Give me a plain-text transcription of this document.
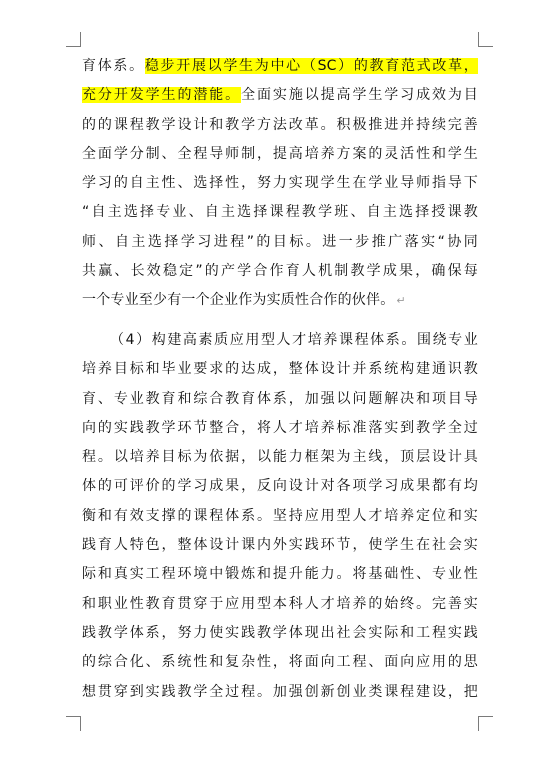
育体系。稳步开展以学生为中心（SC）的教育范式改革，
充分开发学生的潜能。全面实施以提高学生学习成效为目
的的课程教学设计和教学方法改革。积极推进并持续完善
全面学分制、全程导师制，提高培养方案的灵活性和学生
学习的自主性、选择性，努力实现学生在学业导师指导下
“自主选择专业、自主选择课程教学班、自主选择授课教
师、自主选择学习进程”的目标。进一步推广落实“协同
共赢、长效稳定”的产学合作育人机制教学成果，确保每
一个专业至少有一个企业作为实质性合作的伙伴。 ↵
（4）构建高素质应用型人才培养课程体系。围绕专业
培养目标和毕业要求的达成，整体设计并系统构建通识教
育、专业教育和综合教育体系，加强以问题解决和项目导
向的实践教学环节整合，将人才培养标准落实到教学全过
程。以培养目标为依据，以能力框架为主线，顶层设计具
体的可评价的学习成果，反向设计对各项学习成果都有均
衡和有效支撑的课程体系。坚持应用型人才培养定位和实
践育人特色，整体设计课内外实践环节，使学生在社会实
际和真实工程环境中锻炼和提升能力。将基础性、专业性
和职业性教育贯穿于应用型本科人才培养的始终。完善实
践教学体系，努力使实践教学体现出社会实际和工程实践
的综合化、系统性和复杂性，将面向工程、面向应用的思
想贯穿到实践教学全过程。加强创新创业类课程建设，把
